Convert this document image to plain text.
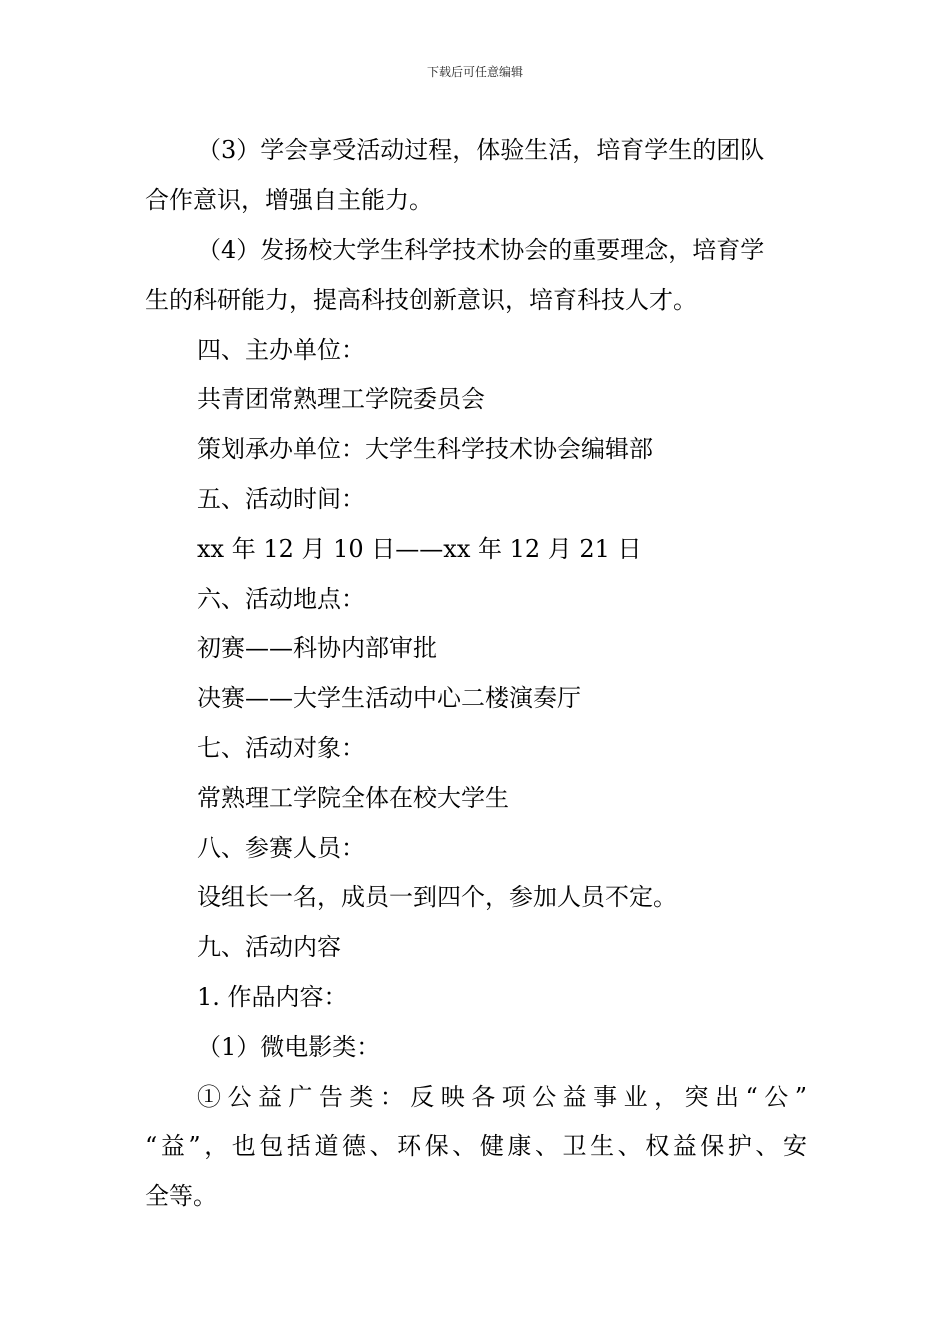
下载后可任意编辑
（3）学会享受活动过程，体验生活，培育学生的团队
合作意识，增强自主能力。
（4）发扬校大学生科学技术协会的重要理念，培育学
生的科研能力，提高科技创新意识，培育科技人才。
四、主办单位：
共青团常熟理工学院委员会
策划承办单位：大学生科学技术协会编辑部
五、活动时间：
xx 年 12 月 10 日——xx 年 12 月 21 日
六、活动地点：
初赛——科协内部审批
决赛——大学生活动中心二楼演奏厅
七、活动对象：
常熟理工学院全体在校大学生
八、参赛人员：
设组长一名，成员一到四个，参加人员不定。
九、活动内容
1. 作品内容：
（1）微电影类：
①公益广告类：反映各项公益事业，突出“公”
“益”，也包括道德、环保、健康、卫生、权益保护、安
全等。
